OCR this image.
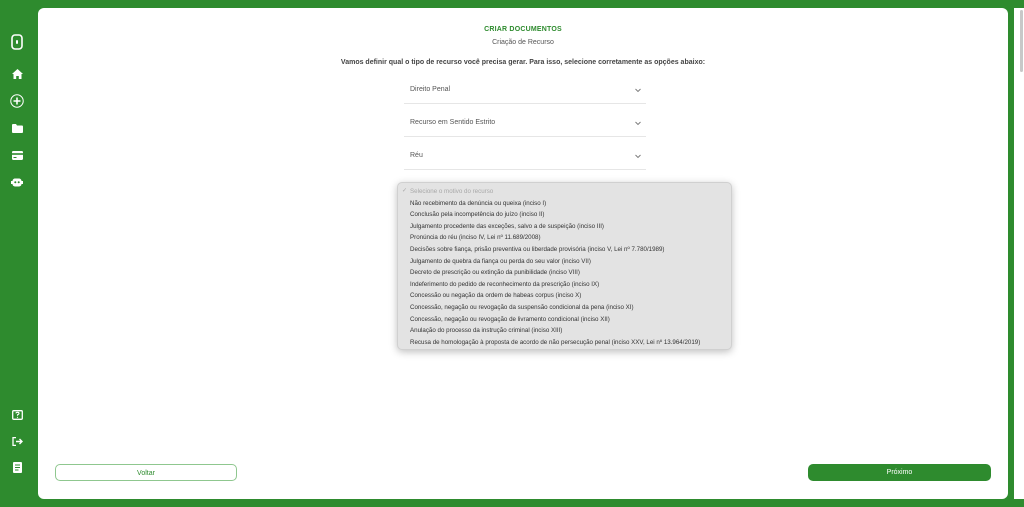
CRIAR DOCUMENTOS
Criação de Recurso
Vamos definir qual o tipo de recurso você precisa gerar. Para isso, selecione corretamente as opções abaixo:
Direito Penal
Recurso em Sentido Estrito
Réu
✓ Selecione o motivo do recurso
Não recebimento da denúncia ou queixa (inciso I)
Conclusão pela incompetência do juízo (inciso II)
Julgamento procedente das exceções, salvo a de suspeição (inciso III)
Pronúncia do réu (inciso IV, Lei nº 11.689/2008)
Decisões sobre fiança, prisão preventiva ou liberdade provisória (inciso V, Lei nº 7.780/1989)
Julgamento de quebra da fiança ou perda do seu valor (inciso VII)
Decreto de prescrição ou extinção da punibilidade (inciso VIII)
Indeferimento do pedido de reconhecimento da prescrição (inciso IX)
Concessão ou negação da ordem de habeas corpus (inciso X)
Concessão, negação ou revogação da suspensão condicional da pena (inciso XI)
Concessão, negação ou revogação de livramento condicional (inciso XII)
Anulação do processo da instrução criminal (inciso XIII)
Recusa de homologação à proposta de acordo de não persecução penal (inciso XXV, Lei nº 13.964/2019)
Voltar	Próximo
